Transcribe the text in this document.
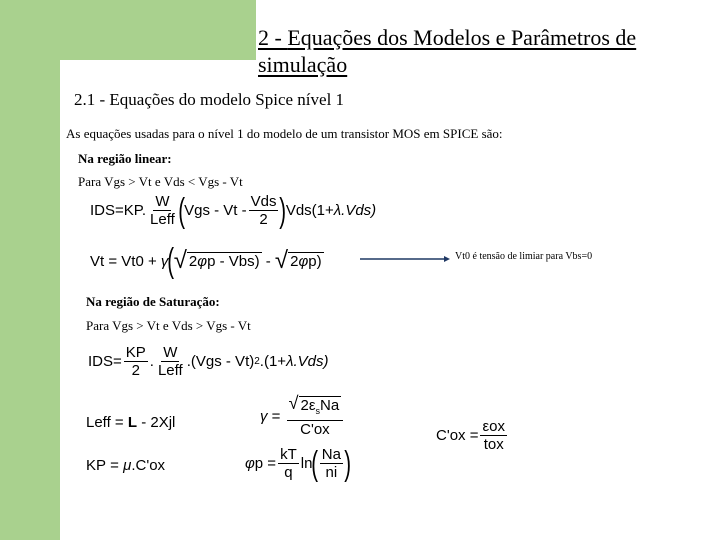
2 - Equações dos Modelos e Parâmetros de simulação
2.1 - Equações do modelo Spice nível 1
As equações usadas para o nível 1 do modelo de um transistor MOS em SPICE são:
Na região linear:
Para Vgs > Vt e Vds < Vgs - Vt
IDS = KP. $\frac{W}{\text{Leff}}$ ( Vgs - Vt - $\frac{\text{Vds}}{2}$ ) Vds(1+ λ .Vds)
Vt = Vt0 +
γ ( √ 2φp - Vbs)
-
√ 2φp)	Vt0 é tensão de limiar para Vbs=0
Na região de Saturação:
Para Vgs > Vt e Vds > Vgs - Vt
IDS = $\frac{KP}{2}$ . $\frac{W}{\text{Leff}} .(Vgs - Vt)$ 2 .(1+ λ .Vds)
Leff = L
- 2Xjl	$\gamma = \frac{√ 2\varepsilon_sNa}{C'ox}$	$C'ox = \frac{\text{εox}}{\text{tox}}$
KP = μ .C'ox	φ $p = \frac{kT}{q}$ ln ( $\frac{Na}{ni}$ )
